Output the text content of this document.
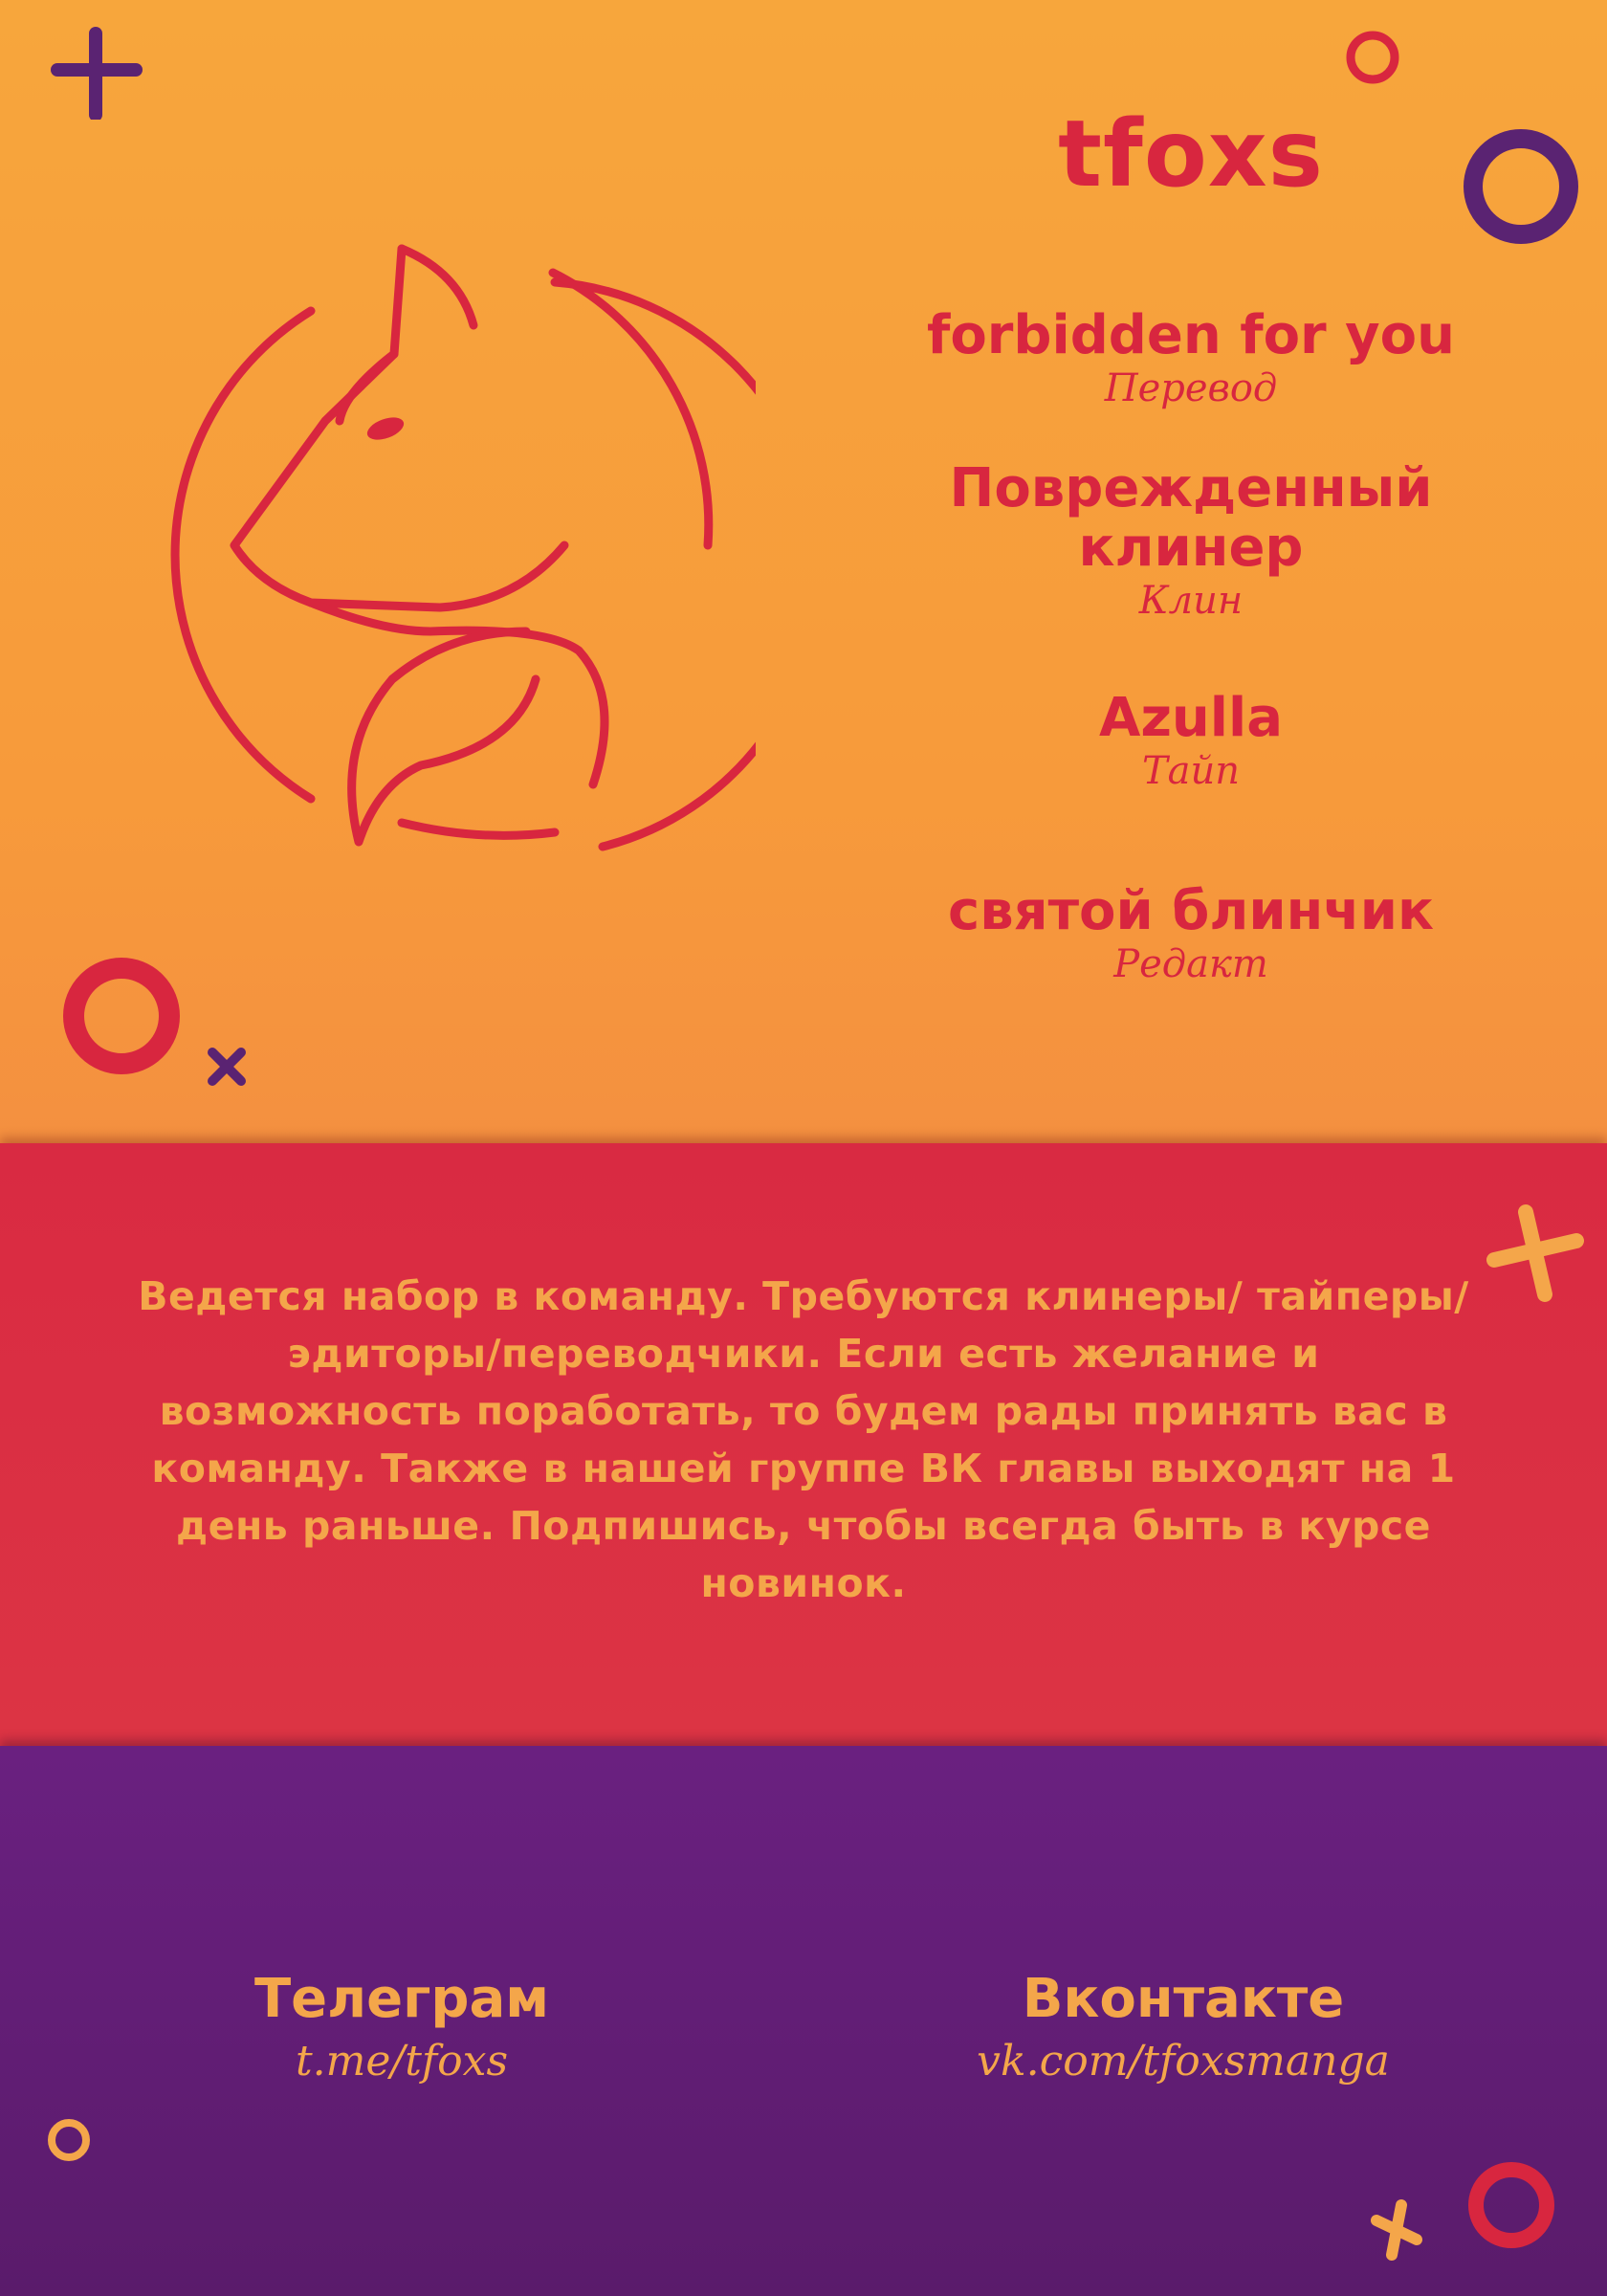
tfoxs

forbidden for you

Перевод

Поврежденный клинер

Клин

Azulla

Тайп

святой блинчик

Редакт

Ведется набор в команду. Требуются клинеры/ тайперы/эдиторы/переводчики. Если есть желание и возможность поработать, то будем рады принять вас в команду. Также в нашей группе ВК главы выходят на 1 день раньше. Подпишись, чтобы всегда быть в курсе новинок.
Телеграм
t.me/tfoxs
Вконтакте
vk.com/tfoxsmanga
